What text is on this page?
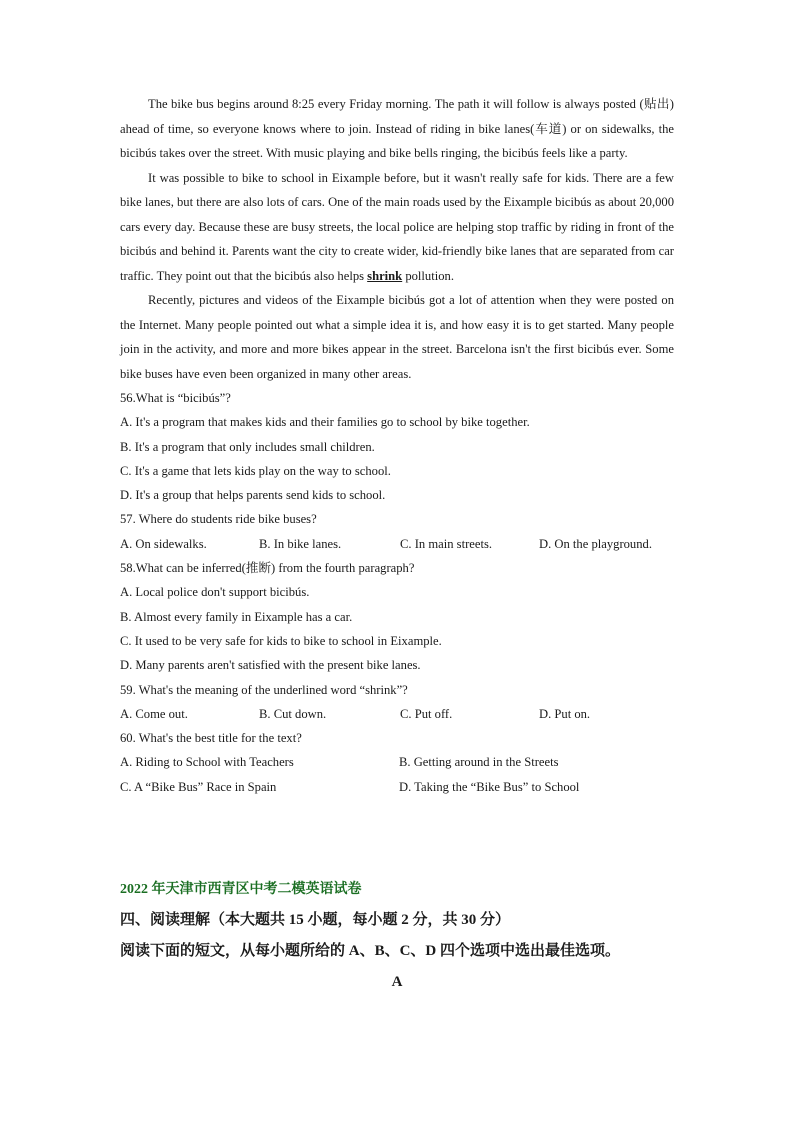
The bike bus begins around 8:25 every Friday morning. The path it will follow is always posted (贴出) ahead of time, so everyone knows where to join. Instead of riding in bike lanes(车道) or on sidewalks, the bicibús takes over the street. With music playing and bike bells ringing, the bicibús feels like a party.

It was possible to bike to school in Eixample before, but it wasn't really safe for kids. There are a few bike lanes, but there are also lots of cars. One of the main roads used by the Eixample bicibús as about 20,000 cars every day. Because these are busy streets, the local police are helping stop traffic by riding in front of the bicibús and behind it. Parents want the city to create wider, kid-friendly bike lanes that are separated from car traffic. They point out that the bicibús also helps shrink pollution.

Recently, pictures and videos of the Eixample bicibús got a lot of attention when they were posted on the Internet. Many people pointed out what a simple idea it is, and how easy it is to get started. Many people join in the activity, and more and more bikes appear in the street. Barcelona isn't the first bicibús ever. Some bike buses have even been organized in many other areas.

56.What is “bicibús”?
A. It's a program that makes kids and their families go to school by bike together.
B. It's a program that only includes small children.
C. It's a game that lets kids play on the way to school.
D. It's a group that helps parents send kids to school.
57. Where do students ride bike buses?
A. On sidewalks.	B. In bike lanes.	C. In main streets.	D. On the playground.
58.What can be inferred(推断) from the fourth paragraph?
A. Local police don't support bicibús.
B. Almost every family in Eixample has a car.
C. It used to be very safe for kids to bike to school in Eixample.
D. Many parents aren't satisfied with the present bike lanes.
59. What's the meaning of the underlined word “shrink”?
A. Come out.	B. Cut down.	C. Put off.	D. Put on.
60. What's the best title for the text?
A. Riding to School with Teachers	B. Getting around in the Streets
C. A “Bike Bus” Race in Spain	D. Taking the “Bike Bus” to School
2022 年天津市西青区中考二模英语试卷
四、阅读理解（本大题共 15 小题，每小题 2 分，共 30 分）
阅读下面的短文，从每小题所给的 A、B、C、D 四个选项中选出最佳选项。
A
